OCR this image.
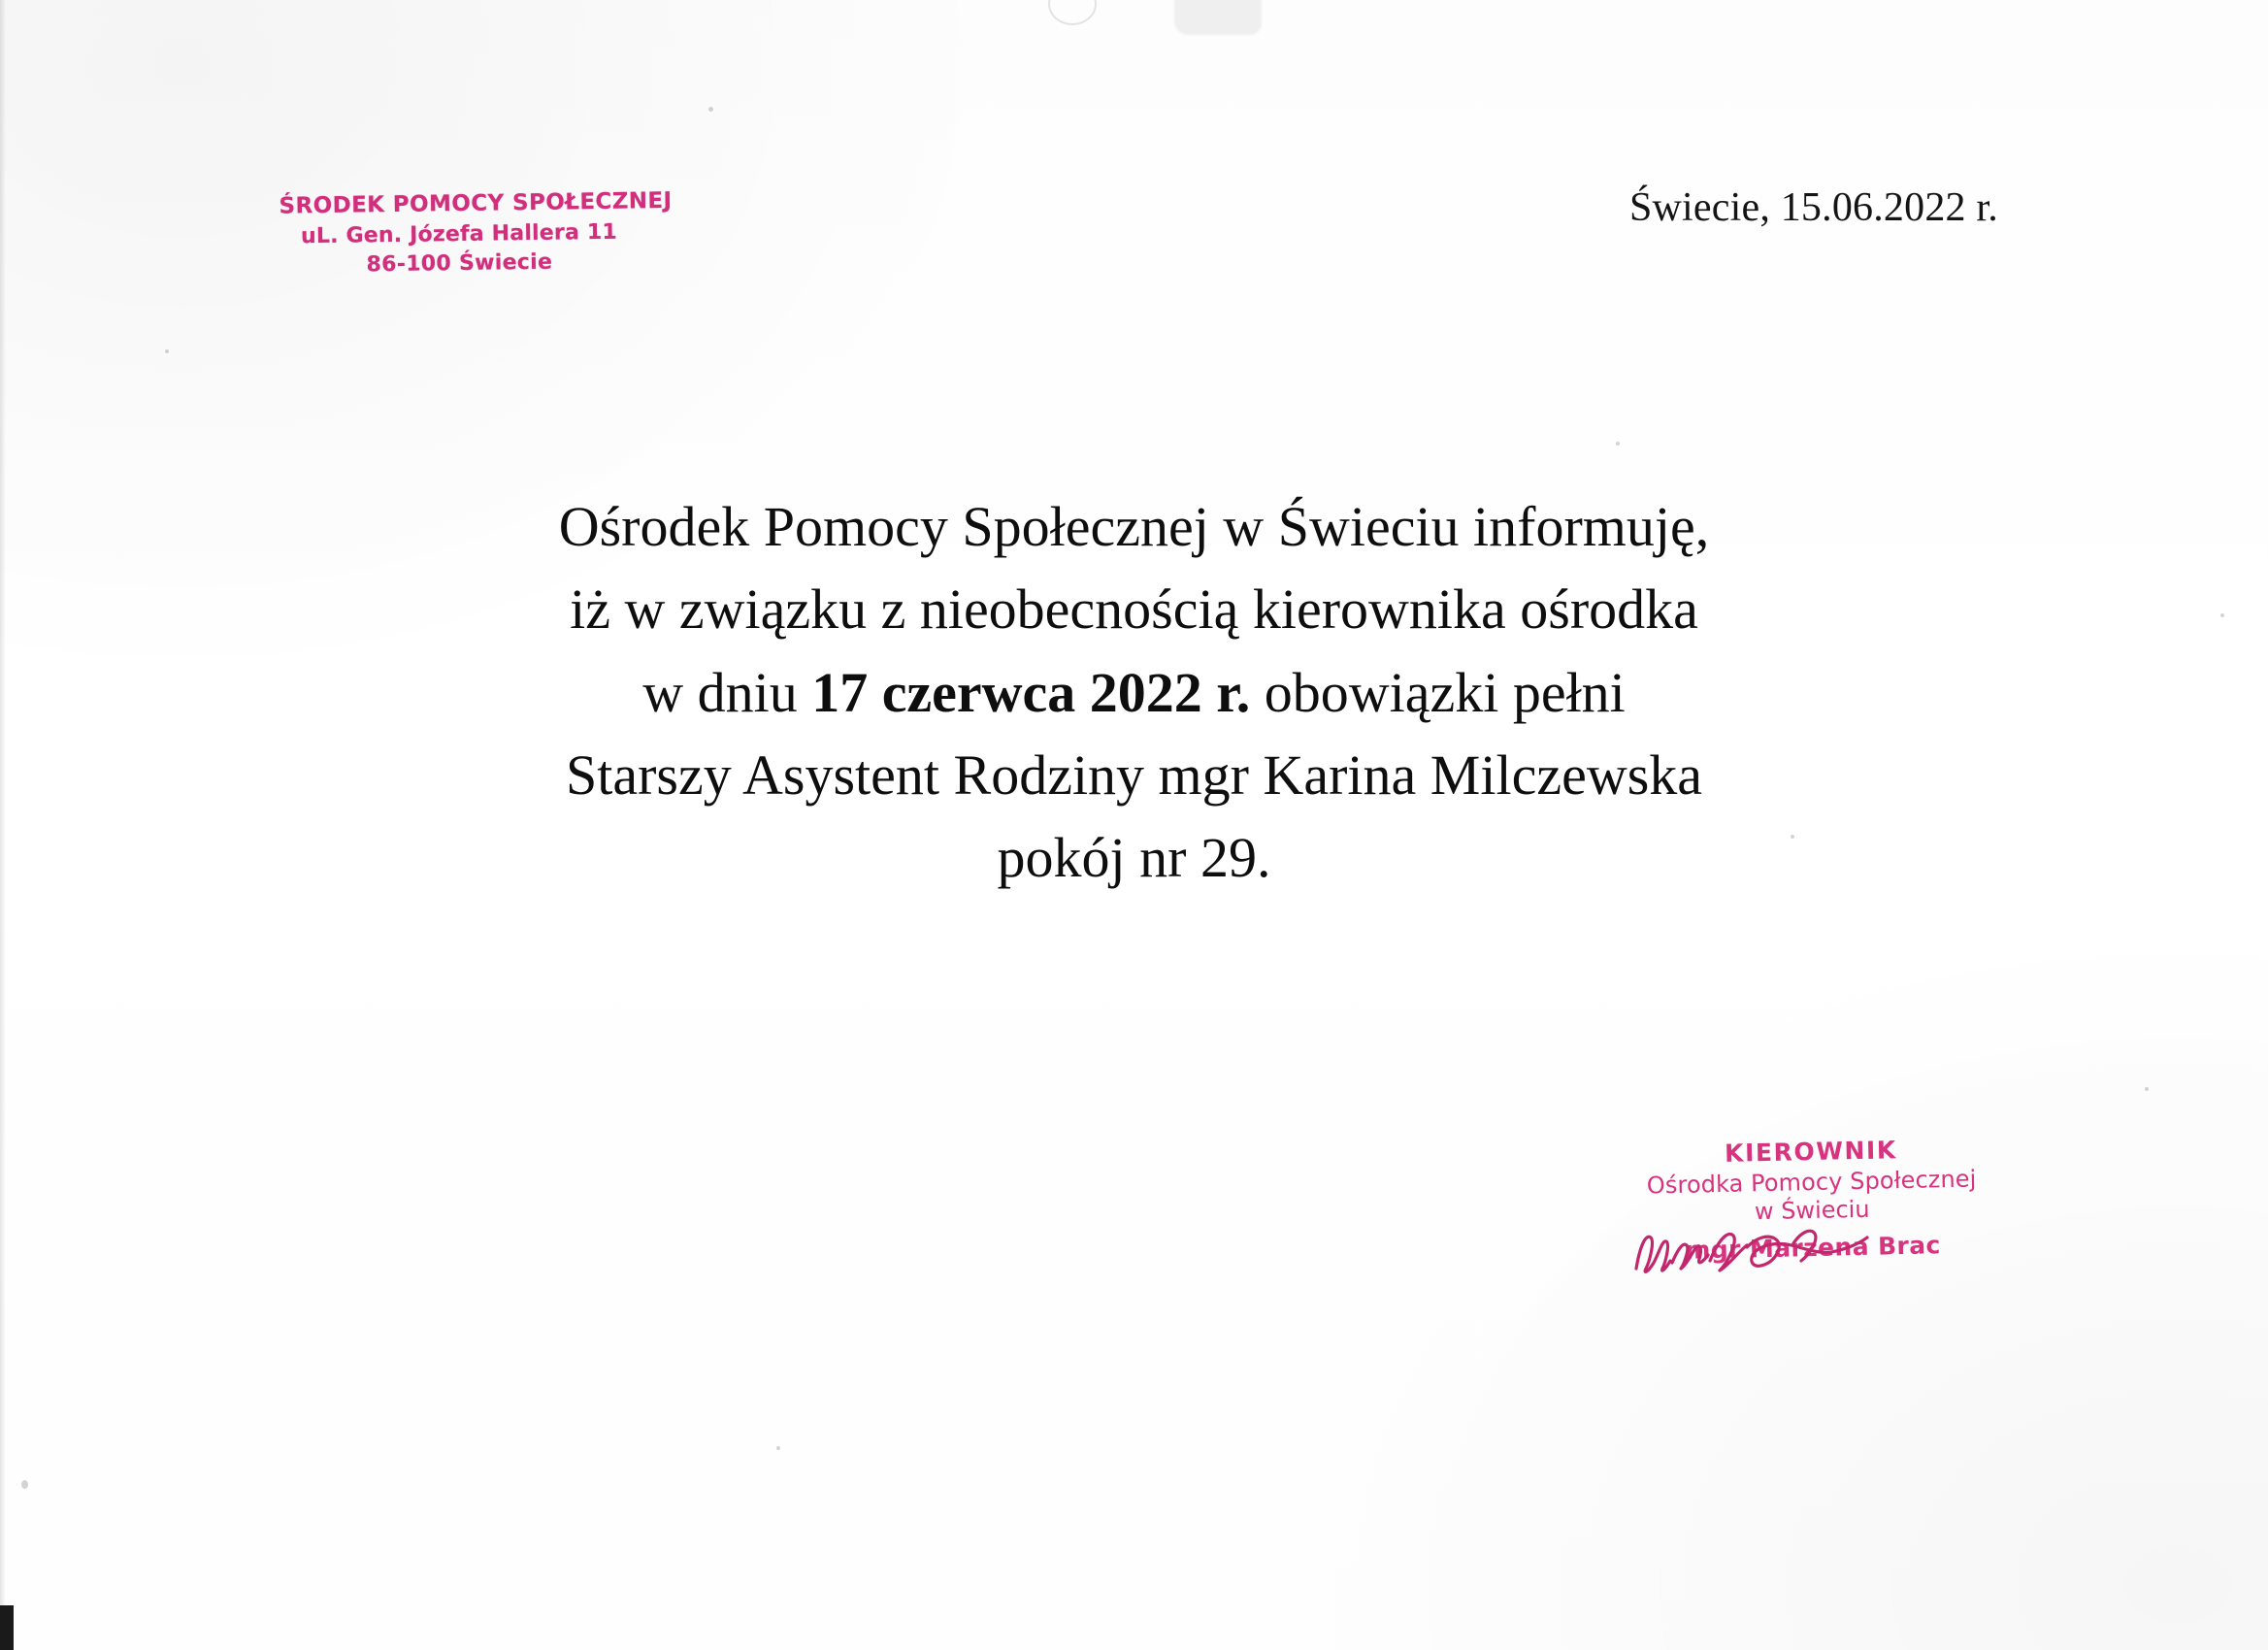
ŚRODEK POMOCY SPOŁECZNEJ
uL. Gen. Józefa Hallera 11
86-100 Świecie
Świecie, 15.06.2022 r.
Ośrodek Pomocy Społecznej w Świeciu informuję,
iż w związku z nieobecnością kierownika ośrodka
w dniu 17 czerwca 2022 r. obowiązki pełni
Starszy Asystent Rodziny mgr Karina Milczewska
pokój nr 29.
KIEROWNIK
Ośrodka Pomocy Społecznej
w Świeciu
mgr Marzena Brac
